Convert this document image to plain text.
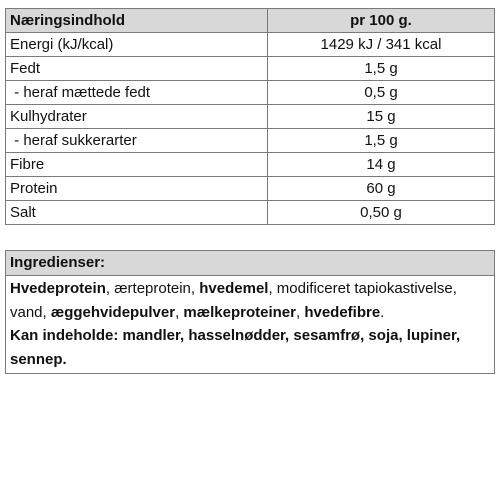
Næringsindhold	pr 100 g.
Energi (kJ/kcal)	1429 kJ / 341 kcal
Fedt	1,5 g
- heraf mættede fedt	0,5 g
Kulhydrater	15 g
- heraf sukkerarter	1,5 g
Fibre	14 g
Protein	60 g
Salt	0,50 g
Ingredienser:
Hvedeprotein, ærteprotein, hvedemel, modificeret tapiokastivelse, vand, æggehvidepulver, mælkeproteiner, hvedefibre.
Kan indeholde: mandler, hasselnødder, sesamfrø, soja, lupiner, sennep.
